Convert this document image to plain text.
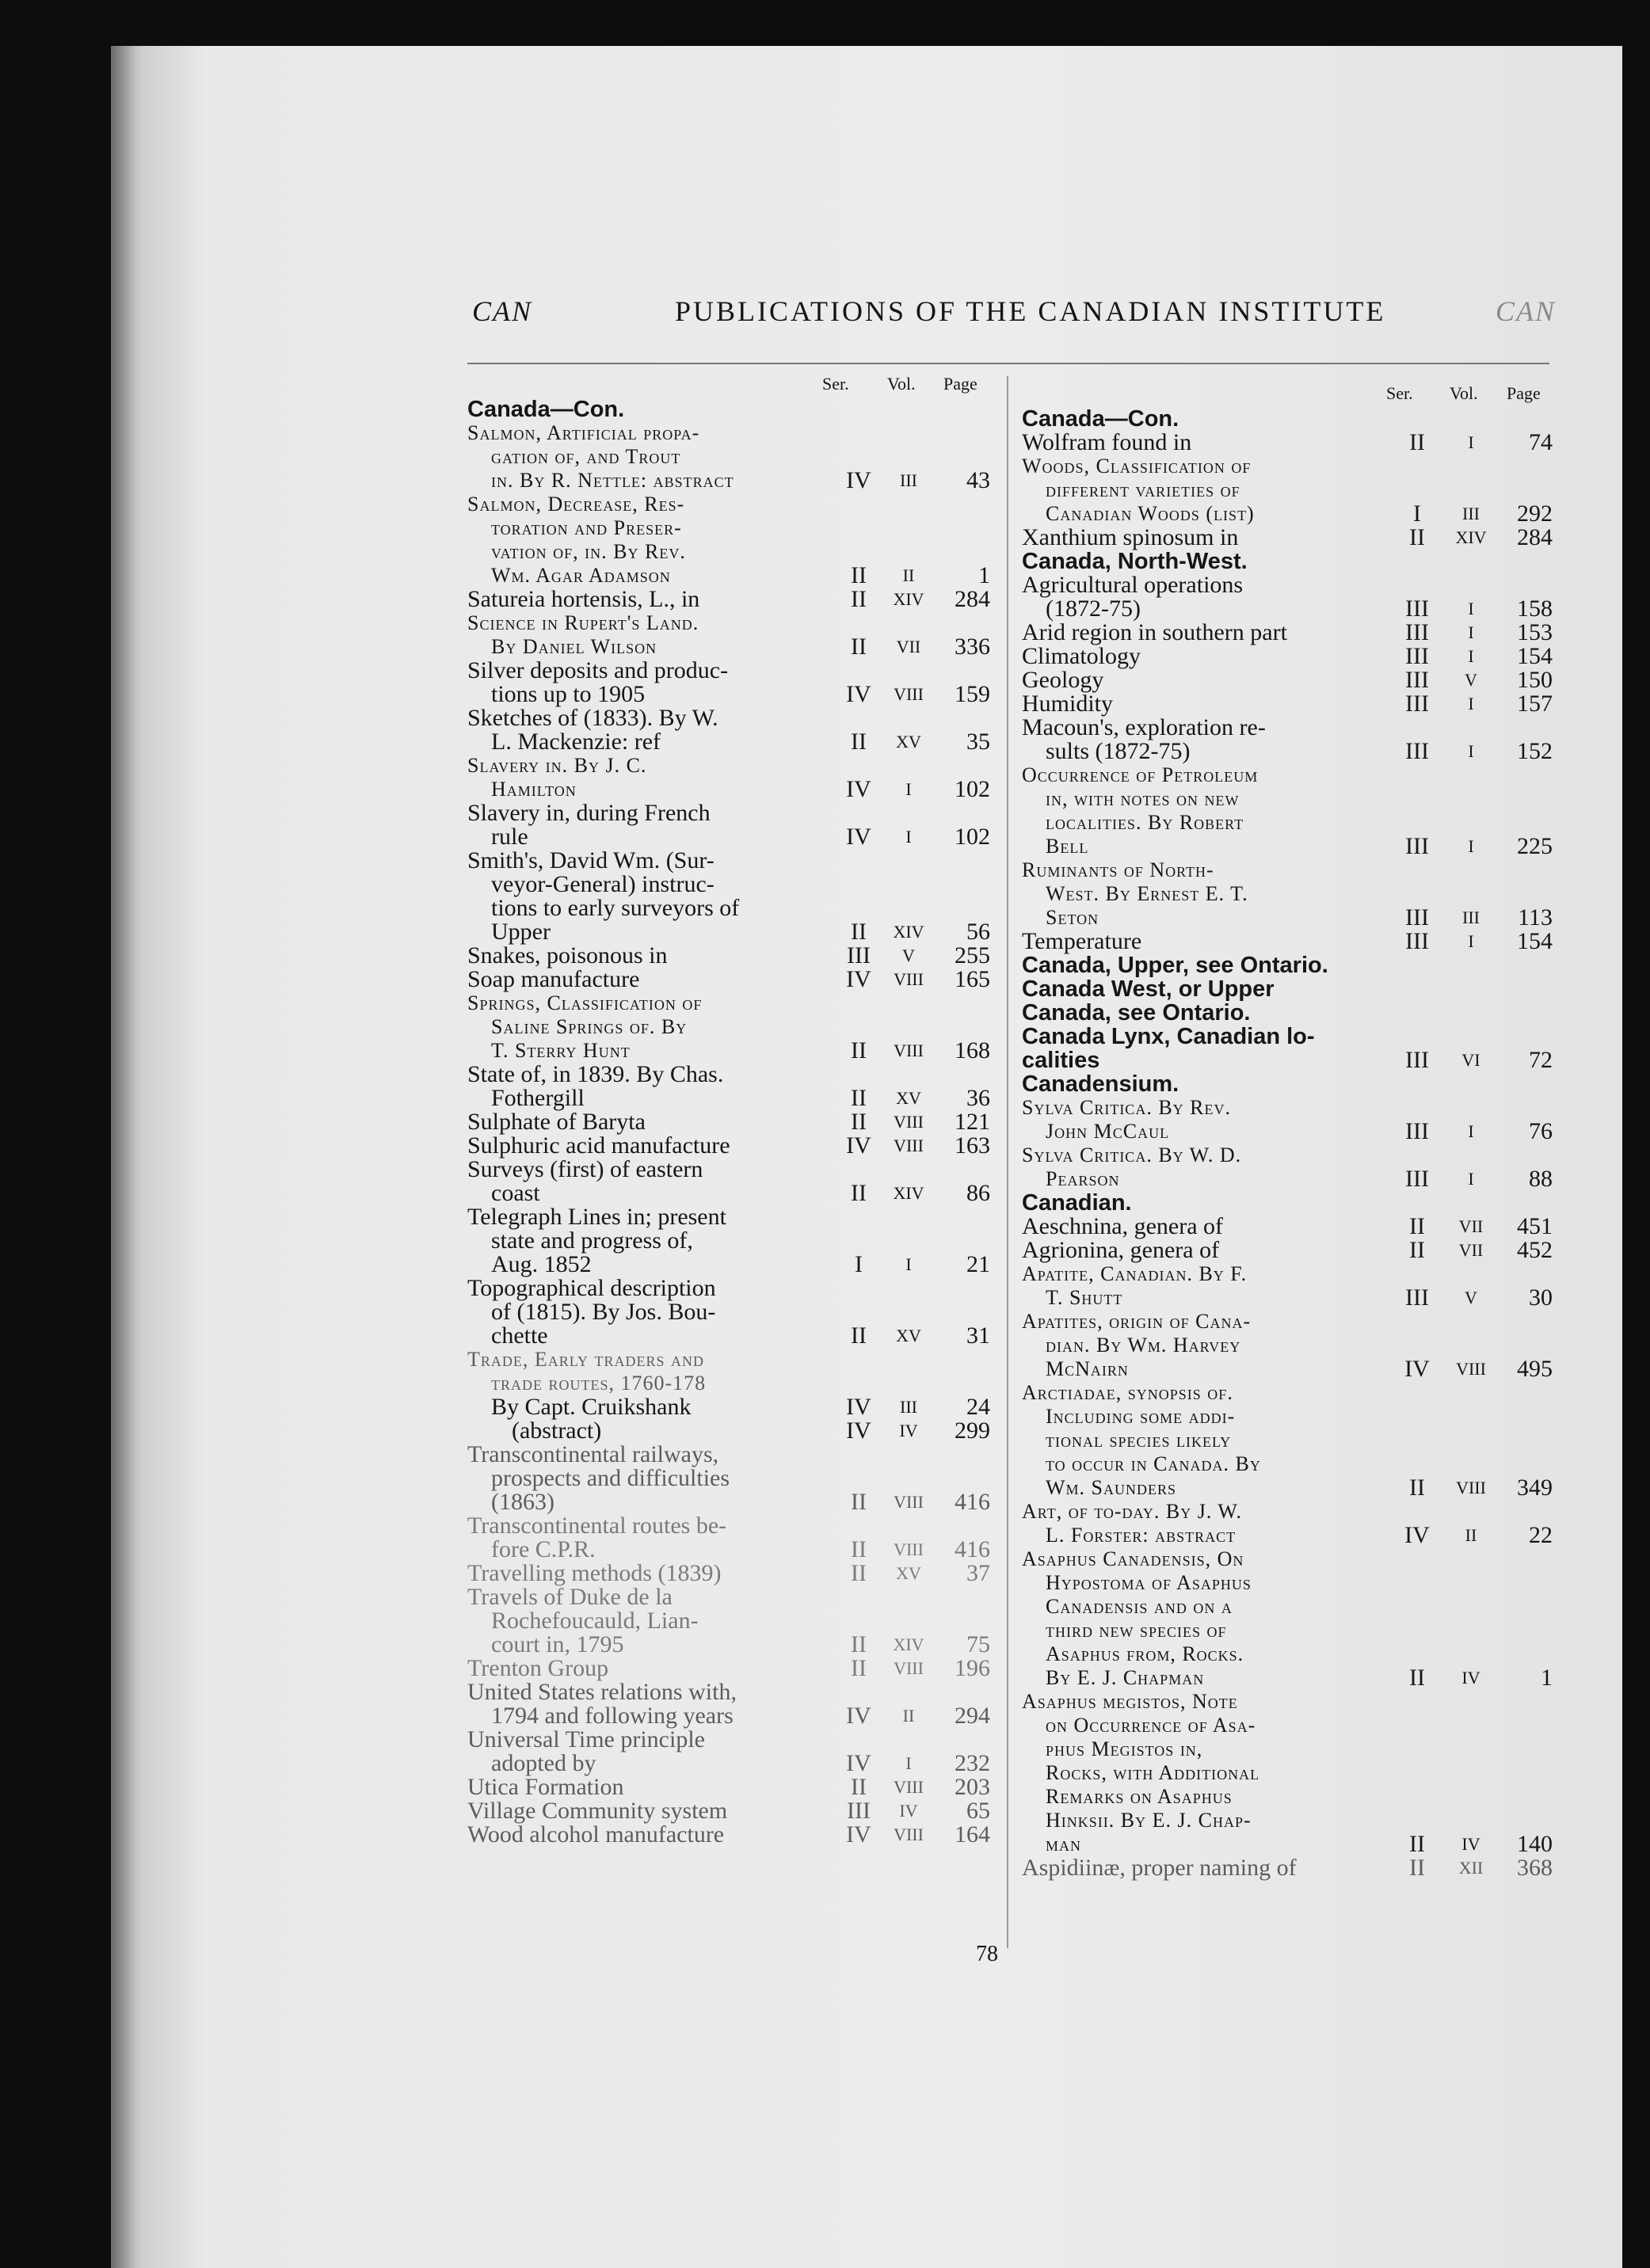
CAN	PUBLICATIONS OF THE CANADIAN INSTITUTE	CAN
Ser. Vol. Page
Canada—Con.
Salmon, Artificial propa-
gation of, and Trout
in. By R. Nettle: abstract	IV	III	43
Salmon, Decrease, Res-
toration and Preser-
vation of, in. By Rev.
Wm. Agar Adamson	II	II	1
Satureia hortensis, L., in	II	XIV	284
Science in Rupert's Land.
By Daniel Wilson	II	VII	336
Silver deposits and produc-
tions up to 1905	IV	VIII	159
Sketches of (1833). By W.
L. Mackenzie: ref	II	XV	35
Slavery in. By J. C.
Hamilton	IV	I	102
Slavery in, during French
rule	IV	I	102
Smith's, David Wm. (Sur-
veyor-General) instruc-
tions to early surveyors of
Upper	II	XIV	56
Snakes, poisonous in	III	V	255
Soap manufacture	IV	VIII	165
Springs, Classification of
Saline Springs of. By
T. Sterry Hunt	II	VIII	168
State of, in 1839. By Chas.
Fothergill	II	XV	36
Sulphate of Baryta	II	VIII	121
Sulphuric acid manufacture	IV	VIII	163
Surveys (first) of eastern
coast	II	XIV	86
Telegraph Lines in; present
state and progress of,
Aug. 1852	I	I	21
Topographical description
of (1815). By Jos. Bou-
chette	II	XV	31
Trade, Early traders and
trade routes, 1760-178
By Capt. Cruikshank	IV	III	24
(abstract)	IV	IV	299
Transcontinental railways,
prospects and difficulties
(1863)	II	VIII	416
Transcontinental routes be-
fore C.P.R.	II	VIII	416
Travelling methods (1839)	II	XV	37
Travels of Duke de la
Rochefoucauld, Lian-
court in, 1795	II	XIV	75
Trenton Group	II	VIII	196
United States relations with,
1794 and following years	IV	II	294
Universal Time principle
adopted by	IV	I	232
Utica Formation	II	VIII	203
Village Community system	III	IV	65
Wood alcohol manufacture	IV	VIII	164
Ser. Vol. Page
Canada—Con.
Wolfram found in	II	I	74
Woods, Classification of
different varieties of
Canadian Woods (list)	I	III	292
Xanthium spinosum in	II	XIV	284
Canada, North-West.
Agricultural operations
(1872-75)	III	I	158
Arid region in southern part	III	I	153
Climatology	III	I	154
Geology	III	V	150
Humidity	III	I	157
Macoun's, exploration re-
sults (1872-75)	III	I	152
Occurrence of Petroleum
in, with notes on new
localities. By Robert
Bell	III	I	225
Ruminants of North-
West. By Ernest E. T.
Seton	III	III	113
Temperature	III	I	154
Canada, Upper, see Ontario.
Canada West, or Upper
Canada, see Ontario.
Canada Lynx, Canadian lo-
calities	III	VI	72
Canadensium.
Sylva Critica. By Rev.
John McCaul	III	I	76
Sylva Critica. By W. D.
Pearson	III	I	88
Canadian.
Aeschnina, genera of	II	VII	451
Agrionina, genera of	II	VII	452
Apatite, Canadian. By F.
T. Shutt	III	V	30
Apatites, origin of Cana-
dian. By Wm. Harvey
McNairn	IV	VIII	495
Arctiadae, synopsis of.
Including some addi-
tional species likely
to occur in Canada. By
Wm. Saunders	II	VIII	349
Art, of to-day. By J. W.
L. Forster: abstract	IV	II	22
Asaphus Canadensis, On
Hypostoma of Asaphus
Canadensis and on a
third new species of
Asaphus from, Rocks.
By E. J. Chapman	II	IV	1
Asaphus megistos, Note
on Occurrence of Asa-
phus Megistos in,
Rocks, with Additional
Remarks on Asaphus
Hinksii. By E. J. Chap-
man	II	IV	140
Aspidiinæ, proper naming of	II	XII	368
78
